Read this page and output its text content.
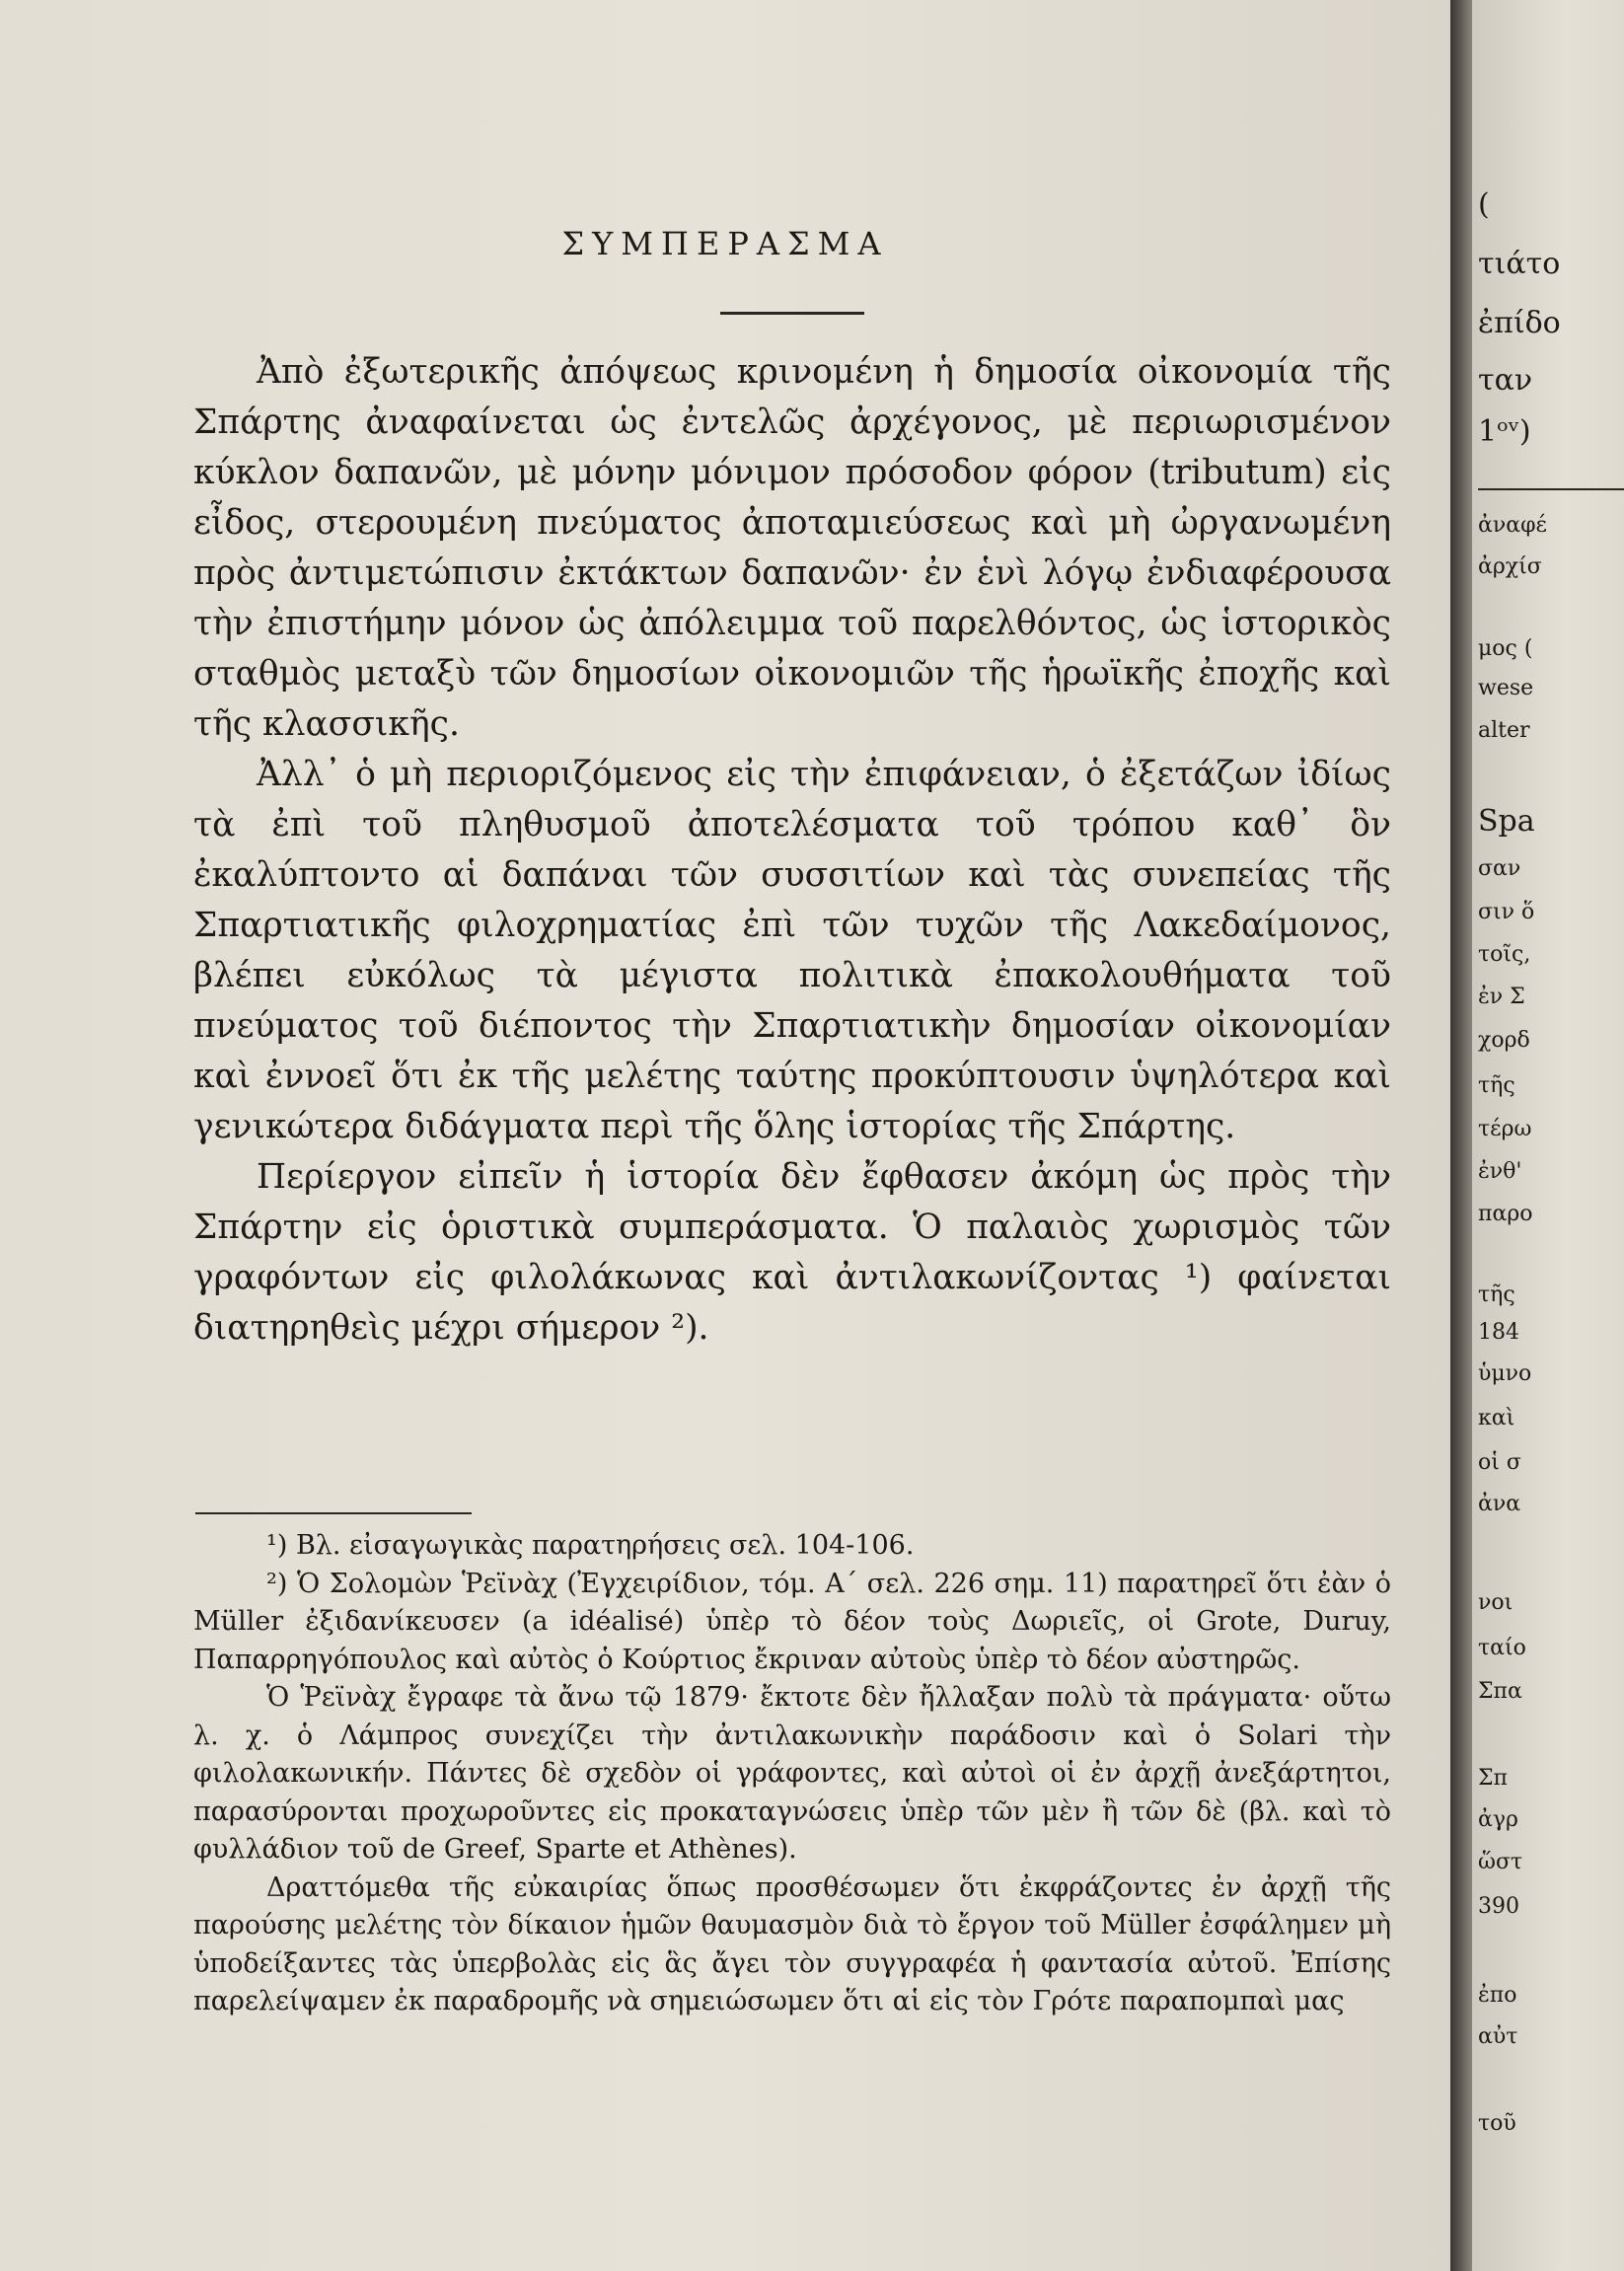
ΣΥΜΠΕΡΑΣΜΑ

Ἀπὸ ἐξωτερικῆς ἀπόψεως κρινομένη ἡ δημοσία οἰκονομία τῆς Σπάρτης ἀναφαίνεται ὡς ἐντελῶς ἀρχέγονος, μὲ περιωρισμένον κύκλον δαπανῶν, μὲ μόνην μόνιμον πρόσοδον φόρον (tributum) εἰς εἶδος, στερουμένη πνεύματος ἀποταμιεύσεως καὶ μὴ ὠργανωμένη πρὸς ἀντιμετώπισιν ἐκτάκτων δαπανῶν· ἐν ἑνὶ λόγῳ ἐνδιαφέρουσα τὴν ἐπιστήμην μόνον ὡς ἀπόλειμμα τοῦ παρελθόντος, ὡς ἱστορικὸς σταθμὸς μεταξὺ τῶν δημοσίων οἰκονομιῶν τῆς ἡρωϊκῆς ἐποχῆς καὶ τῆς κλασσικῆς.

Ἀλλ᾽ ὁ μὴ περιοριζόμενος εἰς τὴν ἐπιφάνειαν, ὁ ἐξετάζων ἰδίως τὰ ἐπὶ τοῦ πληθυσμοῦ ἀποτελέσματα τοῦ τρόπου καθ᾽ ὃν ἐκαλύπτοντο αἱ δαπάναι τῶν συσσιτίων καὶ τὰς συνεπείας τῆς Σπαρτιατικῆς φιλοχρηματίας ἐπὶ τῶν τυχῶν τῆς Λακεδαίμονος, βλέπει εὐκόλως τὰ μέγιστα πολιτικὰ ἐπακολουθήματα τοῦ πνεύματος τοῦ διέποντος τὴν Σπαρτιατικὴν δημοσίαν οἰκονομίαν καὶ ἐννοεῖ ὅτι ἐκ τῆς μελέτης ταύτης προκύπτουσιν ὑψηλότερα καὶ γενικώτερα διδάγματα περὶ τῆς ὅλης ἱστορίας τῆς Σπάρτης.

Περίεργον εἰπεῖν ἡ ἱστορία δὲν ἔφθασεν ἀκόμη ὡς πρὸς τὴν Σπάρτην εἰς ὁριστικὰ συμπεράσματα. Ὁ παλαιὸς χωρισμὸς τῶν γραφόντων εἰς φιλολάκωνας καὶ ἀντιλακωνίζοντας ¹) φαίνεται διατηρηθεὶς μέχρι σήμερον ²).

¹) Βλ. εἰσαγωγικὰς παρατηρήσεις σελ. 104-106.

²) Ὁ Σολομὼν Ῥεϊνὰχ (Ἐγχειρίδιον, τόμ. Α΄ σελ. 226 σημ. 11) παρατηρεῖ ὅτι ἐὰν ὁ Müller ἐξιδανίκευσεν (a idéalisé) ὑπὲρ τὸ δέον τοὺς Δωριεῖς, οἱ Grote, Duruy, Παπαρρηγόπουλος καὶ αὐτὸς ὁ Κούρτιος ἔκριναν αὐτοὺς ὑπὲρ τὸ δέον αὐστηρῶς.

Ὁ Ῥεϊνὰχ ἔγραφε τὰ ἄνω τῷ 1879· ἔκτοτε δὲν ἤλλαξαν πολὺ τὰ πράγματα· οὕτω λ. χ. ὁ Λάμπρος συνεχίζει τὴν ἀντιλακωνικὴν παράδοσιν καὶ ὁ Solari τὴν φιλολακωνικήν. Πάντες δὲ σχεδὸν οἱ γράφοντες, καὶ αὐτοὶ οἱ ἐν ἀρχῇ ἀνεξάρτητοι, παρασύρονται προχωροῦντες εἰς προκαταγνώσεις ὑπὲρ τῶν μὲν ἢ τῶν δὲ (βλ. καὶ τὸ φυλλάδιον τοῦ de Greef, Sparte et Athènes).

Δραττόμεθα τῆς εὐκαιρίας ὅπως προσθέσωμεν ὅτι ἐκφράζοντες ἐν ἀρχῇ τῆς παρούσης μελέτης τὸν δίκαιον ἡμῶν θαυμασμὸν διὰ τὸ ἔργον τοῦ Müller ἐσφάλημεν μὴ ὑποδείξαντες τὰς ὑπερβολὰς εἰς ἃς ἄγει τὸν συγγραφέα ἡ φαντασία αὐτοῦ. Ἐπίσης παρελείψαμεν ἐκ παραδρομῆς νὰ σημειώσωμεν ὅτι αἱ εἰς τὸν Γρότε παραπομπαὶ μας

(
τιάτο
ἐπίδο
ταν
1ᵒᵛ)
ἀναφέ
ἀρχίσ
μος (
wese
alter
Spa
σαν
σιν ὅ
τοῖς,
ἐν Σ
χορδ
τῆς
τέρω
ἐνθ'
παρο
τῆς
184
ὑμνο
καὶ
οἱ σ
ἀνα
νοι
ταίο
Σπα
Σπ
ἀγρ
ὥστ
390
ἐπο
αὐτ
τοῦ
